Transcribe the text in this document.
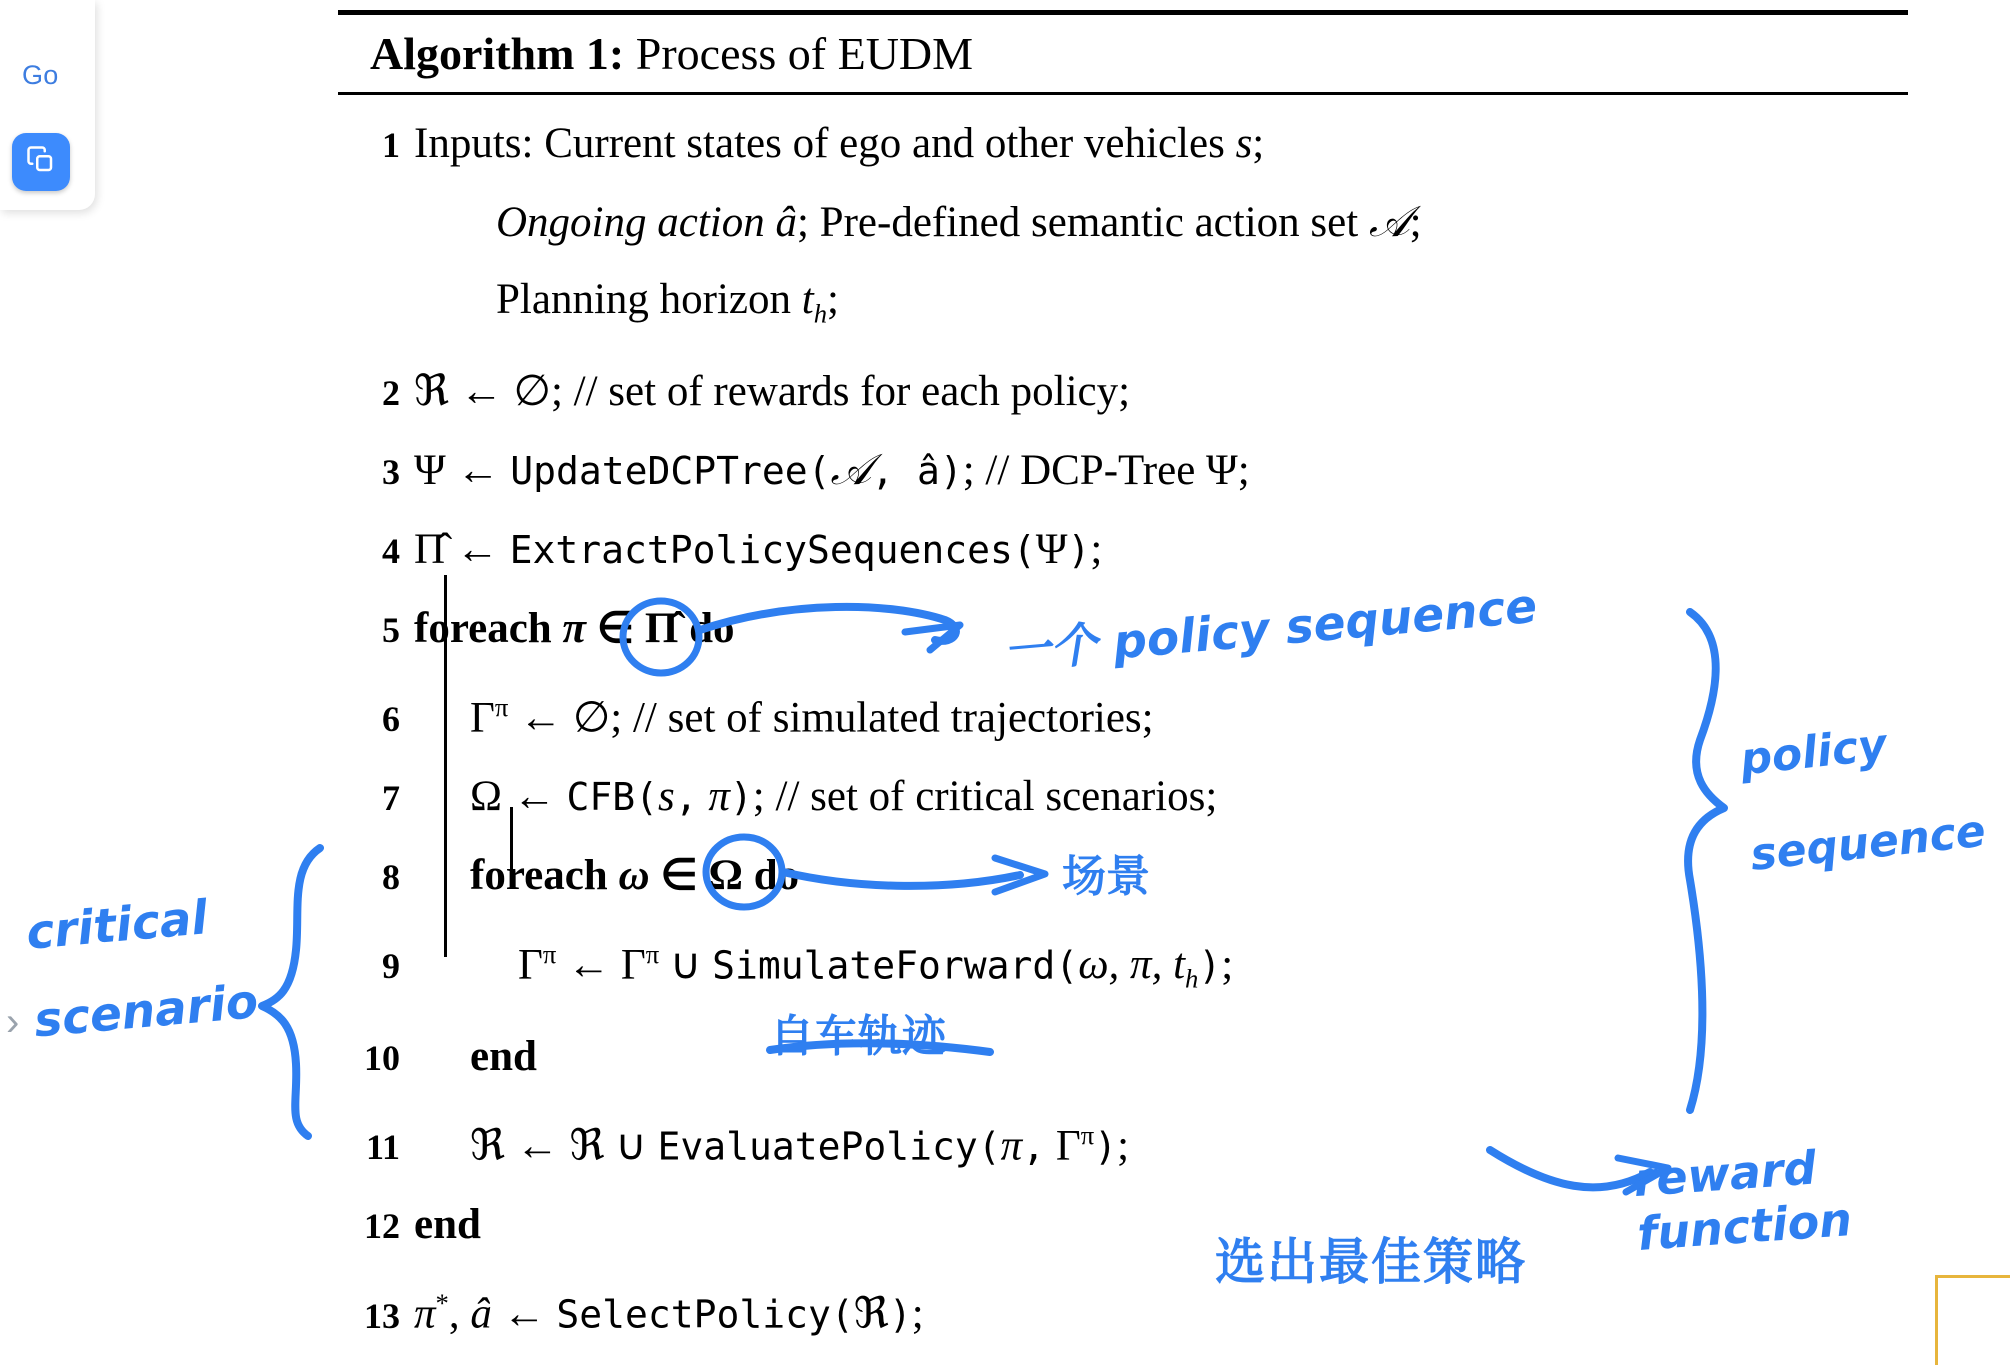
Go
›
Algorithm 1: Process of EUDM
1 Inputs: Current states of ego and other vehicles s;
Ongoing action â; Pre-defined semantic action set 𝒜;
Planning horizon $t_h$;
2 ℜ ← ∅; // set of rewards for each policy;
3 Ψ ← UpdateDCPTree(𝒜, â); // DCP-Tree Ψ;
4 Π̂ ← ExtractPolicySequences(Ψ);
5 foreach π ∈ Π̂ do
6	$\Gamma^\pi$ ← ∅; // set of simulated trajectories;
7	Ω ← CFB(s, π); // set of critical scenarios;
8	foreach ω ∈ Ω do
9	$\Gamma^\pi$ ← $\Gamma^\pi$ ∪ SimulateForward(ω, π, $t_h$);
10	end
11	ℜ ← ℜ ∪ EvaluatePolicy(π, $\Gamma^\pi$);
12 end
13 π*, â ← SelectPolicy(ℜ);
一个 policy sequence
policy
sequence
critical
scenario
reward function
场景
自车轨迹
选出最佳策略
